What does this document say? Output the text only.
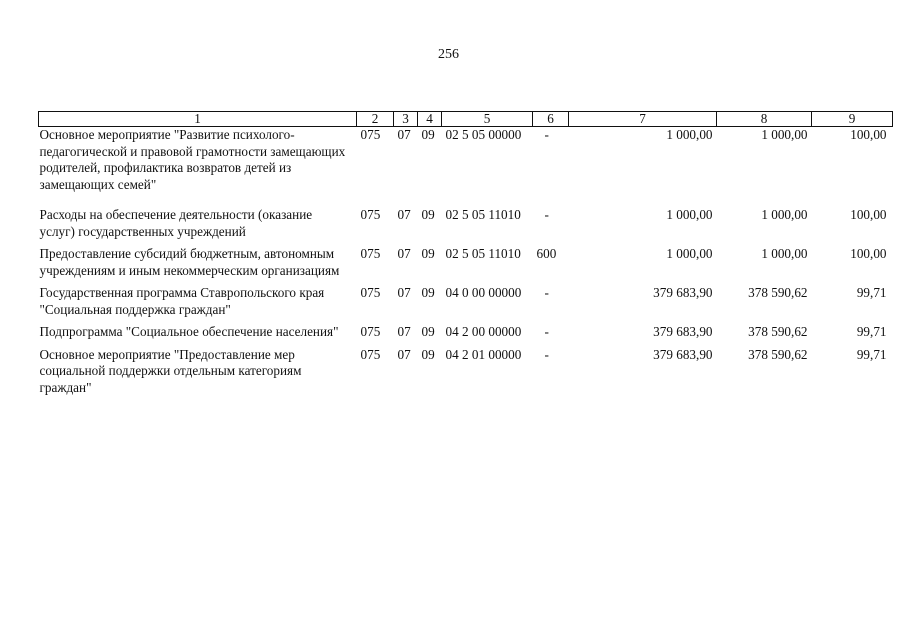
256
1	2	3	4	5	6	7	8	9
Основное мероприятие "Развитие психолого-педагогической и правовой грамотности замещающих родителей, профилактика возвратов детей из замещающих семей"	075	07	09	02 5 05 00000	-	1 000,00	1 000,00	100,00
Расходы на обеспечение деятельности (оказание услуг) государственных учреждений	075	07	09	02 5 05 11010	-	1 000,00	1 000,00	100,00
Предоставление субсидий бюджетным, автономным учреждениям и иным некоммерческим организациям	075	07	09	02 5 05 11010	600	1 000,00	1 000,00	100,00
Государственная программа Ставропольского края "Социальная поддержка граждан"	075	07	09	04 0 00 00000	-	379 683,90	378 590,62	99,71
Подпрограмма "Социальное обеспечение населения"	075	07	09	04 2 00 00000	-	379 683,90	378 590,62	99,71
Основное мероприятие "Предоставление мер социальной поддержки отдельным категориям граждан"	075	07	09	04 2 01 00000	-	379 683,90	378 590,62	99,71
